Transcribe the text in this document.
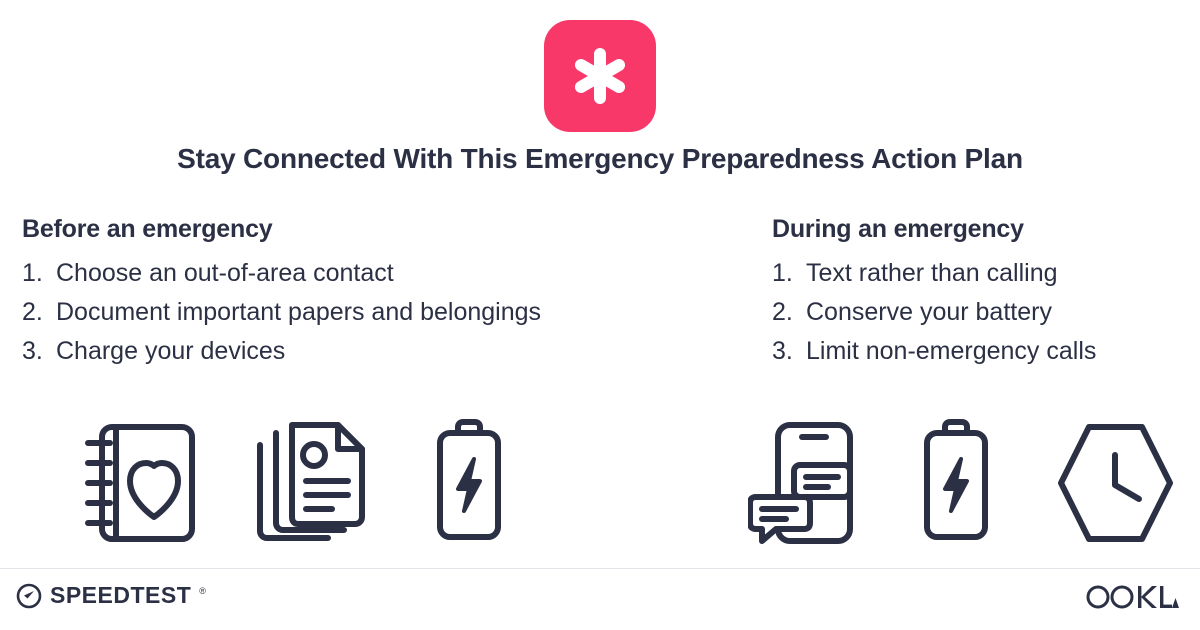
Stay Connected With This Emergency Preparedness Action Plan
Before an emergency
1. Choose an out-of-area contact
2. Document important papers and belongings
3. Charge your devices
During an emergency
1. Text rather than calling
2. Conserve your battery
3. Limit non-emergency calls
SPEEDTEST ®
